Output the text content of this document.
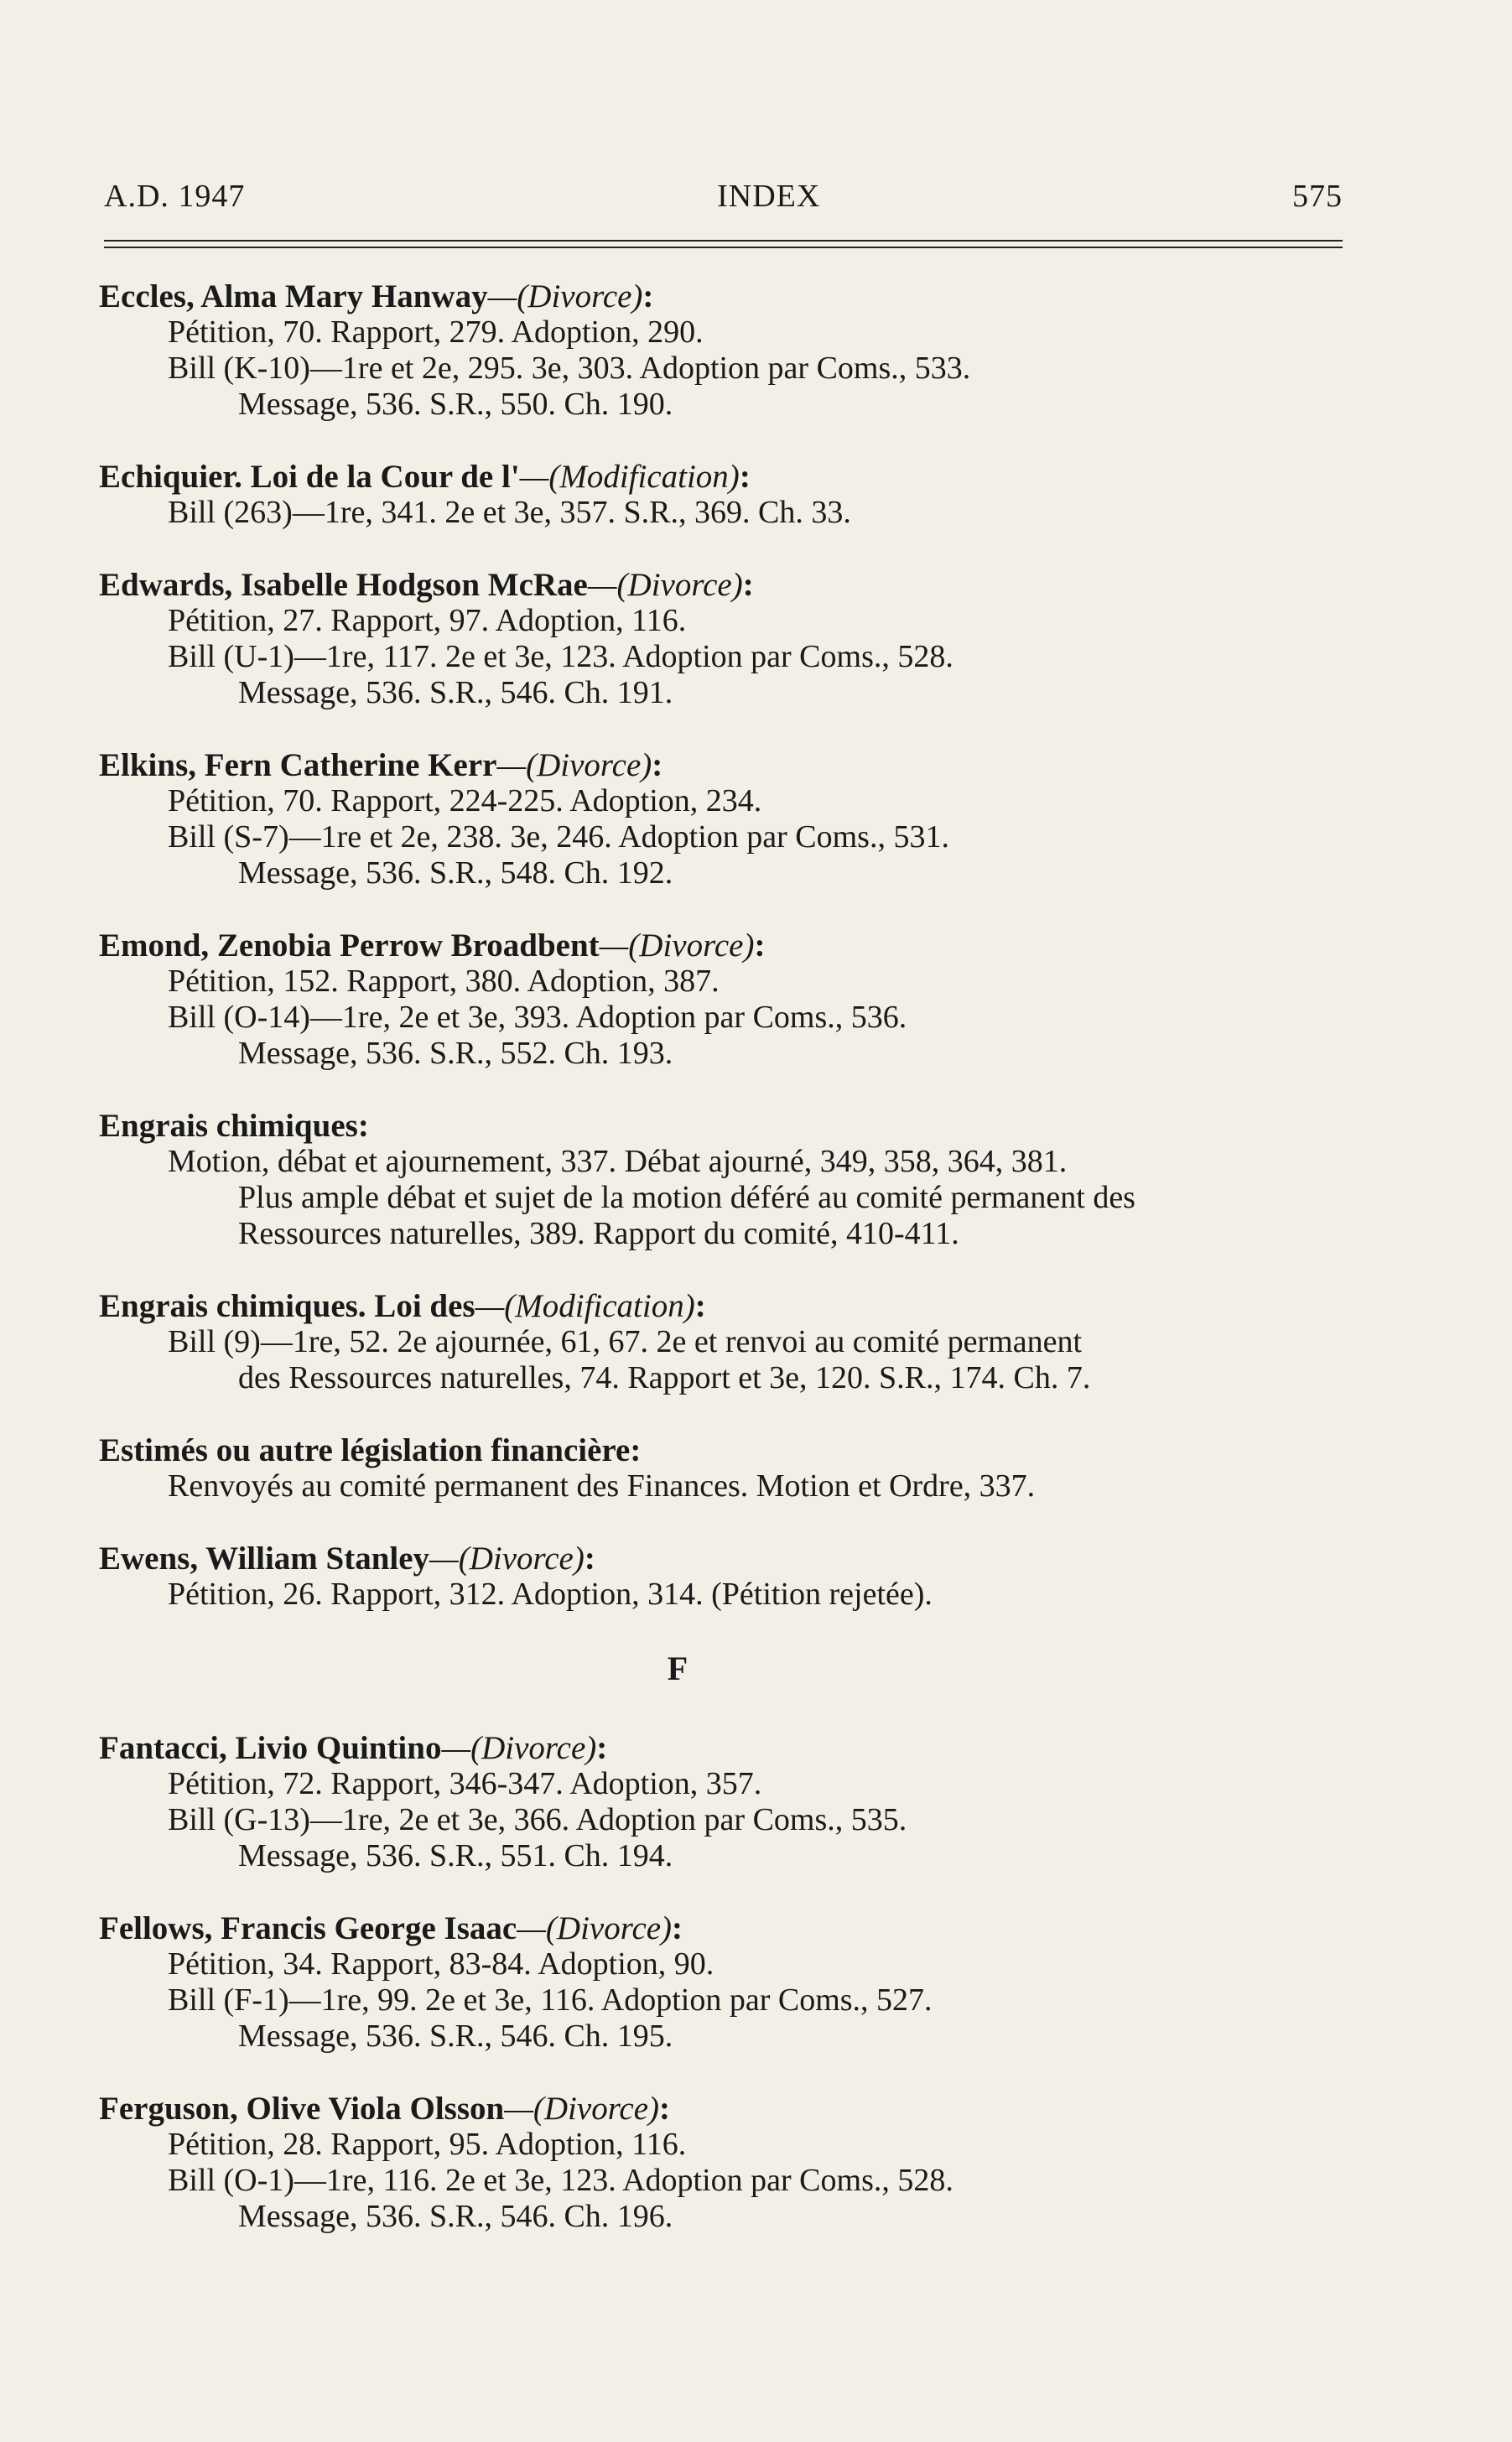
A.D. 1947	INDEX	575
Eccles, Alma Mary Hanway—(Divorce):
Pétition, 70. Rapport, 279. Adoption, 290.
Bill (K-10)—1re et 2e, 295. 3e, 303. Adoption par Coms., 533.
Message, 536. S.R., 550. Ch. 190.
Echiquier. Loi de la Cour de l'—(Modification):
Bill (263)—1re, 341. 2e et 3e, 357. S.R., 369. Ch. 33.
Edwards, Isabelle Hodgson McRae—(Divorce):
Pétition, 27. Rapport, 97. Adoption, 116.
Bill (U-1)—1re, 117. 2e et 3e, 123. Adoption par Coms., 528.
Message, 536. S.R., 546. Ch. 191.
Elkins, Fern Catherine Kerr—(Divorce):
Pétition, 70. Rapport, 224-225. Adoption, 234.
Bill (S-7)—1re et 2e, 238. 3e, 246. Adoption par Coms., 531.
Message, 536. S.R., 548. Ch. 192.
Emond, Zenobia Perrow Broadbent—(Divorce):
Pétition, 152. Rapport, 380. Adoption, 387.
Bill (O-14)—1re, 2e et 3e, 393. Adoption par Coms., 536.
Message, 536. S.R., 552. Ch. 193.
Engrais chimiques:
Motion, débat et ajournement, 337. Débat ajourné, 349, 358, 364, 381.
Plus ample débat et sujet de la motion déféré au comité permanent des
Ressources naturelles, 389. Rapport du comité, 410-411.
Engrais chimiques. Loi des—(Modification):
Bill (9)—1re, 52. 2e ajournée, 61, 67. 2e et renvoi au comité permanent
des Ressources naturelles, 74. Rapport et 3e, 120. S.R., 174. Ch. 7.
Estimés ou autre législation financière:
Renvoyés au comité permanent des Finances. Motion et Ordre, 337.
Ewens, William Stanley—(Divorce):
Pétition, 26. Rapport, 312. Adoption, 314. (Pétition rejetée).
F
Fantacci, Livio Quintino—(Divorce):
Pétition, 72. Rapport, 346-347. Adoption, 357.
Bill (G-13)—1re, 2e et 3e, 366. Adoption par Coms., 535.
Message, 536. S.R., 551. Ch. 194.
Fellows, Francis George Isaac—(Divorce):
Pétition, 34. Rapport, 83-84. Adoption, 90.
Bill (F-1)—1re, 99. 2e et 3e, 116. Adoption par Coms., 527.
Message, 536. S.R., 546. Ch. 195.
Ferguson, Olive Viola Olsson—(Divorce):
Pétition, 28. Rapport, 95. Adoption, 116.
Bill (O-1)—1re, 116. 2e et 3e, 123. Adoption par Coms., 528.
Message, 536. S.R., 546. Ch. 196.
